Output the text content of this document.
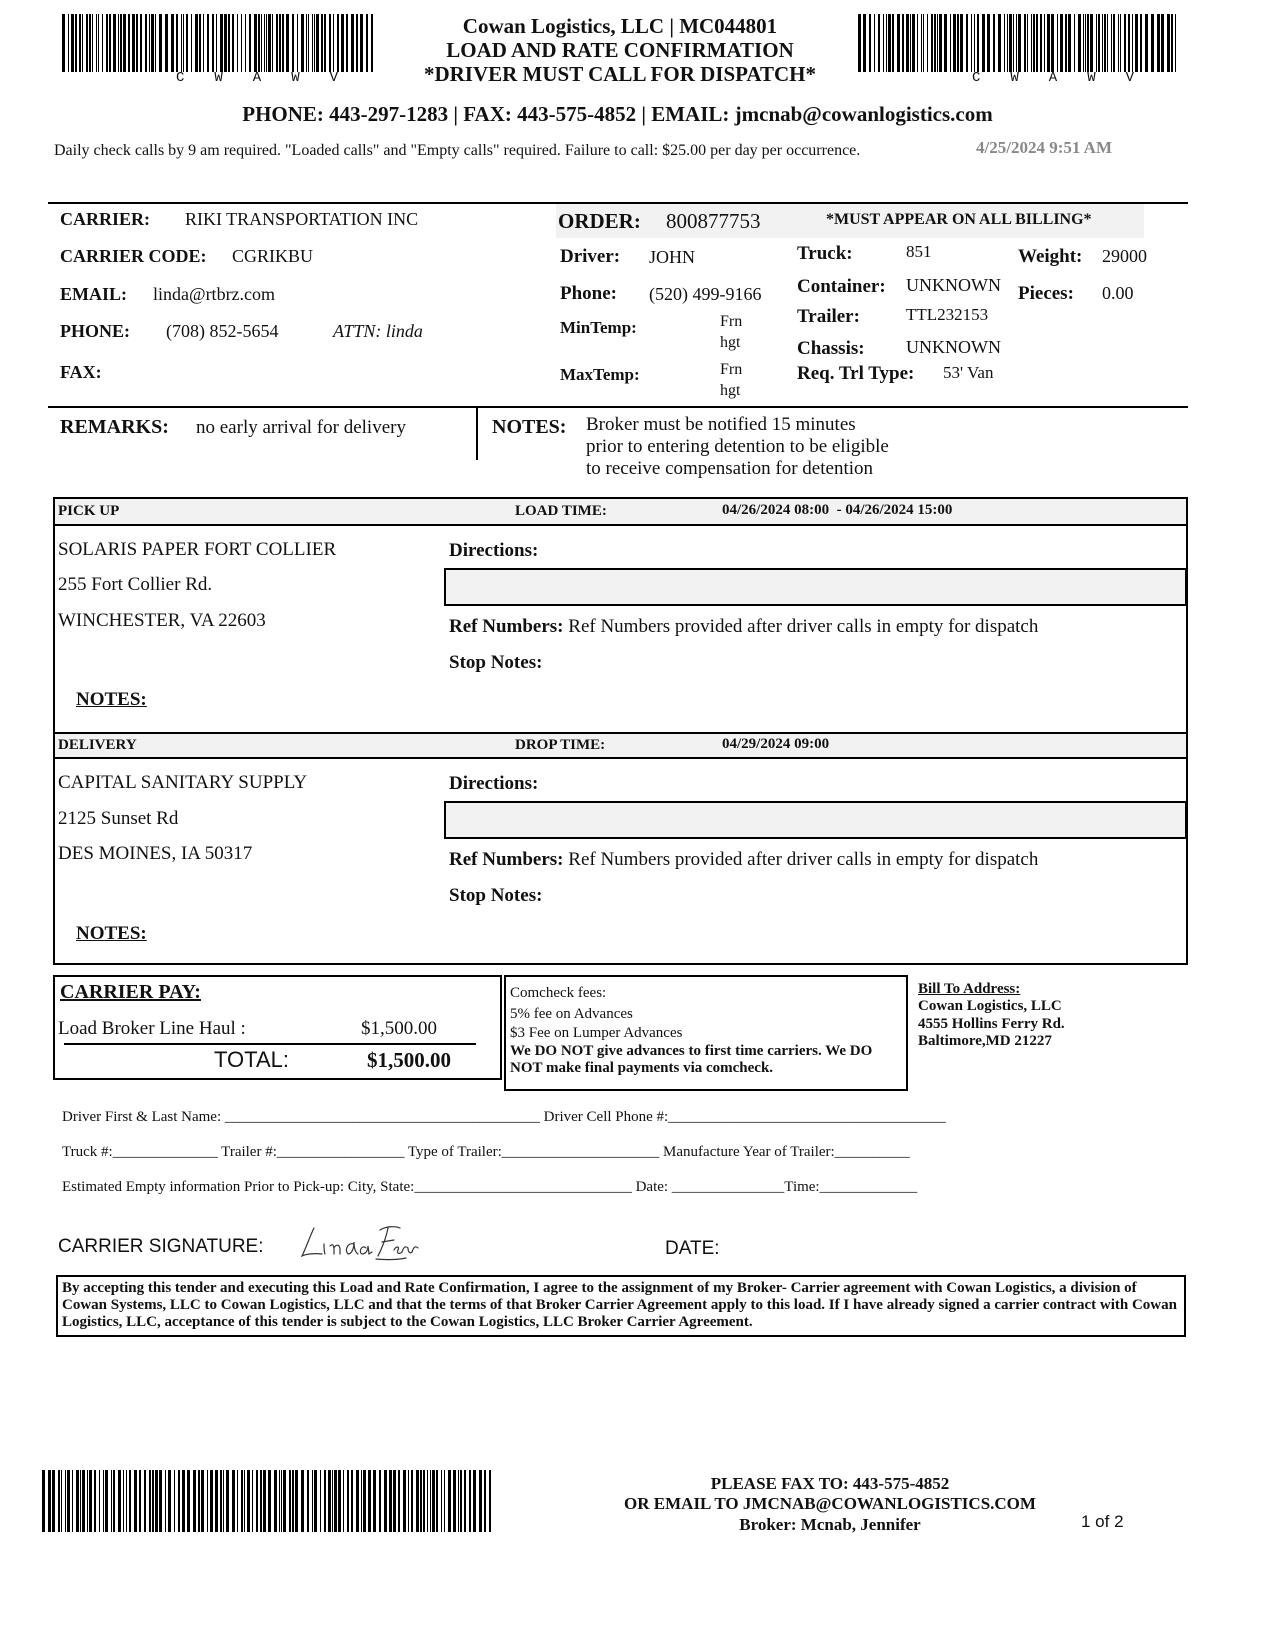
CWAWV	CWAWV
Cowan Logistics, LLC | MC044801
LOAD AND RATE CONFIRMATION
*DRIVER MUST CALL FOR DISPATCH*
PHONE: 443-297-1283 | FAX: 443-575-4852 | EMAIL: jmcnab@cowanlogistics.com
Daily check calls by 9 am required. "Loaded calls" and "Empty calls" required. Failure to call: $25.00 per day per occurrence.	4/25/2024 9:51 AM
CARRIER: RIKI TRANSPORTATION INC
CARRIER CODE: CGRIKBU
EMAIL: linda@rtbrz.com
PHONE: (708) 852-5654	ATTN: linda
FAX:
ORDER: 800877753	*MUST APPEAR ON ALL BILLING*
Driver: JOHN
Phone: (520) 499-9166
MinTemp:	Frn
hgt
MaxTemp:	Frn
hgt
Truck:	851
Container: UNKNOWN
Trailer:	TTL232153
Chassis: UNKNOWN
Req. Trl Type: 53' Van
Weight: 29000
Pieces: 0.00
REMARKS: no early arrival for delivery	NOTES: Broker must be notified 15 minutes
prior to entering detention to be eligible
to receive compensation for detention
PICK UP	LOAD TIME:	04/26/2024 08:00  - 04/26/2024 15:00
SOLARIS PAPER FORT COLLIER
255 Fort Collier Rd.
WINCHESTER, VA 22603
Directions:
Ref Numbers: Ref Numbers provided after driver calls in empty for dispatch
Stop Notes:
NOTES:
DELIVERY	DROP TIME:	04/29/2024 09:00
CAPITAL SANITARY SUPPLY
2125 Sunset Rd
DES MOINES, IA 50317
Directions:
Ref Numbers: Ref Numbers provided after driver calls in empty for dispatch
Stop Notes:
NOTES:
CARRIER PAY:
Load Broker Line Haul :	$1,500.00
TOTAL:	$1,500.00
Comcheck fees:
5% fee on Advances
$3 Fee on Lumper Advances
We DO NOT give advances to first time carriers. We DO NOT make final payments via comcheck.
Bill To Address:
Cowan Logistics, LLC
4555 Hollins Ferry Rd.
Baltimore,MD 21227
Driver First & Last Name: __________________________________________ Driver Cell Phone #:_____________________________________
Truck #:______________ Trailer #:_________________ Type of Trailer:_____________________ Manufacture Year of Trailer:__________
Estimated Empty information Prior to Pick-up: City, State:_____________________________ Date: _______________Time:_____________
CARRIER SIGNATURE:	DATE:
By accepting this tender and executing this Load and Rate Confirmation, I agree to the assignment of my Broker- Carrier agreement with Cowan Logistics, a division of Cowan Systems, LLC to Cowan Logistics, LLC and that the terms of that Broker Carrier Agreement apply to this load. If I have already signed a carrier contract with Cowan Logistics, LLC, acceptance of this tender is subject to the Cowan Logistics, LLC Broker Carrier Agreement.
PLEASE FAX TO: 443-575-4852
OR EMAIL TO JMCNAB@COWANLOGISTICS.COM
Broker: Mcnab, Jennifer	1 of 2
